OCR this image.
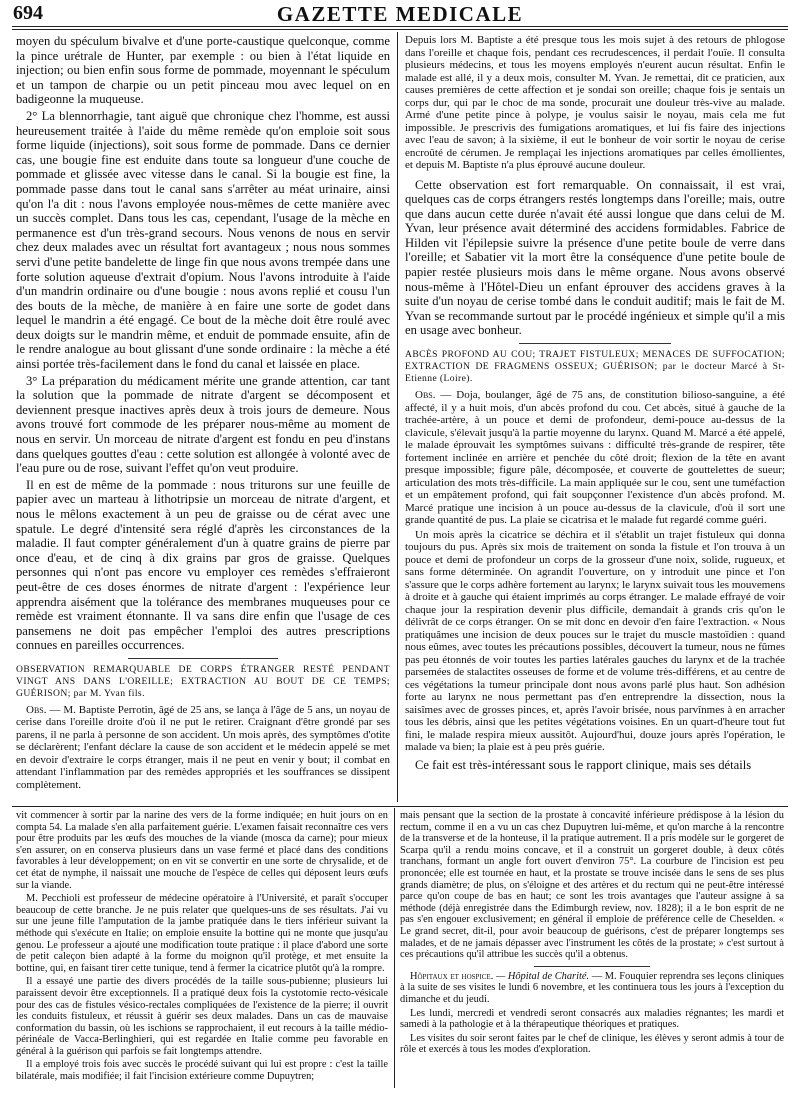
694	GAZETTE MEDICALE

moyen du spéculum bivalve et d'une porte-caustique quelconque, comme la pince urétrale de Hunter, par exemple : ou bien à l'état liquide en injection; ou bien enfin sous forme de pommade, moyennant le spéculum et un tampon de charpie ou un petit pinceau mou avec lequel on en badigeonne la muqueuse.

2° La blennorrhagie, tant aiguë que chronique chez l'homme, est aussi heureusement traitée à l'aide du même remède qu'on emploie soit sous forme liquide (injections), soit sous forme de pommade. Dans ce dernier cas, une bougie fine est enduite dans toute sa longueur d'une couche de pommade et glissée avec vitesse dans le canal. Si la bougie est fine, la pommade passe dans tout le canal sans s'arrêter au méat urinaire, ainsi qu'on l'a dit : nous l'avons employée nous-mêmes de cette manière avec un succès complet. Dans tous les cas, cependant, l'usage de la mèche en permanence est d'un très-grand secours. Nous venons de nous en servir chez deux malades avec un résultat fort avantageux ; nous nous sommes servi d'une petite bandelette de linge fin que nous avons trempée dans une forte solution aqueuse d'extrait d'opium. Nous l'avons introduite à l'aide d'un mandrin ordinaire ou d'une bougie : nous avons replié et cousu l'un des bouts de la mèche, de manière à en faire une sorte de godet dans lequel le mandrin a été engagé. Ce bout de la mèche doit être roulé avec deux doigts sur le mandrin même, et enduit de pommade ensuite, afin de le rendre analogue au bout glissant d'une sonde ordinaire : la mèche a été ainsi portée très-facilement dans le fond du canal et laissée en place.

3° La préparation du médicament mérite une grande attention, car tant la solution que la pommade de nitrate d'argent se décomposent et deviennent presque inactives après deux à trois jours de demeure. Nous avons trouvé fort commode de les préparer nous-même au moment de nous en servir. Un morceau de nitrate d'argent est fondu en peu d'instans dans quelques gouttes d'eau : cette solution est allongée à volonté avec de l'eau pure ou de rose, suivant l'effet qu'on veut produire.

Il en est de même de la pommade : nous triturons sur une feuille de papier avec un marteau à lithotripsie un morceau de nitrate d'argent, et nous le mêlons exactement à un peu de graisse ou de cérat avec une spatule. Le degré d'intensité sera réglé d'après les circonstances de la maladie. Il faut compter généralement d'un à quatre grains de pierre par once d'eau, et de cinq à dix grains par gros de graisse. Quelques personnes qui n'ont pas encore vu employer ces remèdes s'effraieront peut-être de ces doses énormes de nitrate d'argent : l'expérience leur apprendra aisément que la tolérance des membranes muqueuses pour ce remède est vraiment étonnante. Il va sans dire enfin que l'usage de ces pansemens ne doit pas empêcher l'emploi des autres prescriptions connues en pareilles occurrences.

OBSERVATION REMARQUABLE DE CORPS ÉTRANGER RESTÉ PENDANT VINGT ANS DANS L'OREILLE; EXTRACTION AU BOUT DE CE TEMPS; GUÉRISON; par M. Yvan fils.

Obs. — M. Baptiste Perrotin, âgé de 25 ans, se lança à l'âge de 5 ans, un noyau de cerise dans l'oreille droite d'où il ne put le retirer. Craignant d'être grondé par ses parens, il ne parla à personne de son accident. Un mois après, des symptômes d'otite se déclarèrent; l'enfant déclare la cause de son accident et le médecin appelé se met en devoir d'extraire le corps étranger, mais il ne peut en venir y bout; il combat en attendant l'inflammation par des remèdes appropriés et les souffrances se dissipent complètement.

Depuis lors M. Baptiste a été presque tous les mois sujet à des retours de phlogose dans l'oreille et chaque fois, pendant ces recrudescences, il perdait l'ouïe. Il consulta plusieurs médecins, et tous les moyens employés n'eurent aucun résultat. Enfin le malade est allé, il y a deux mois, consulter M. Yvan. Je remettai, dit ce praticien, aux causes premières de cette affection et je sondai son oreille; chaque fois je sentais un corps dur, qui par le choc de ma sonde, procurait une douleur très-vive au malade. Armé d'une petite pince à polype, je voulus saisir le noyau, mais cela me fut impossible. Je prescrivis des fumigations aromatiques, et lui fis faire des injections avec l'eau de savon; à la sixième, il eut le bonheur de voir sortir le noyau de cerise encroûté de cérumen. Je remplaçai les injections aromatiques par celles émollientes, et depuis M. Baptiste n'a plus éprouvé aucune douleur.

Cette observation est fort remarquable. On connaissait, il est vrai, quelques cas de corps étrangers restés longtemps dans l'oreille; mais, outre que dans aucun cette durée n'avait été aussi longue que dans celui de M. Yvan, leur présence avait déterminé des accidens formidables. Fabrice de Hilden vit l'épilepsie suivre la présence d'une petite boule de verre dans l'oreille; et Sabatier vit la mort être la conséquence d'une petite boule de papier restée plusieurs mois dans le même organe. Nous avons observé nous-même à l'Hôtel-Dieu un enfant éprouver des accidens graves à la suite d'un noyau de cerise tombé dans le conduit auditif; mais le fait de M. Yvan se recommande surtout par le procédé ingénieux et simple qu'il a mis en usage avec bonheur.

ABCÈS PROFOND AU COU; TRAJET FISTULEUX; MENACES DE SUFFOCATION; EXTRACTION DE FRAGMENS OSSEUX; GUÉRISON; par le docteur Marcé à St-Etienne (Loire).

Obs. — Doja, boulanger, âgé de 75 ans, de constitution bilioso-sanguine, a été affecté, il y a huit mois, d'un abcès profond du cou. Cet abcès, situé à gauche de la trachée-artère, à un pouce et demi de profondeur, demi-pouce au-dessus de la clavicule, s'élevait jusqu'à la partie moyenne du larynx. Quand M. Marcé a été appelé, le malade éprouvait les symptômes suivans : difficulté très-grande de respirer, tête fortement inclinée en arrière et penchée du côté droit; flexion de la tête en avant presque impossible; figure pâle, décomposée, et couverte de gouttelettes de sueur; articulation des mots très-difficile. La main appliquée sur le cou, sent une tuméfaction et un empâtement profond, qui fait soupçonner l'existence d'un abcès profond. M. Marcé pratique une incision à un pouce au-dessus de la clavicule, d'où il sort une grande quantité de pus. La plaie se cicatrisa et le malade fut regardé comme guéri.

Un mois après la cicatrice se déchira et il s'établit un trajet fistuleux qui donna toujours du pus. Après six mois de traitement on sonda la fistule et l'on trouva à un pouce et demi de profondeur un corps de la grosseur d'une noix, solide, rugueux, et sans forme déterminée. On agrandit l'ouverture, on y introduit une pince et l'on s'assure que le corps adhère fortement au larynx; le larynx suivait tous les mouvemens à droite et à gauche qui étaient imprimés au corps étranger. Le malade effrayé de voir chaque jour la respiration devenir plus difficile, demandait à grands cris qu'on le délivrât de ce corps étranger. On se mit donc en devoir d'en faire l'extraction. « Nous pratiquâmes une incision de deux pouces sur le trajet du muscle mastoïdien : quand nous eûmes, avec toutes les précautions possibles, découvert la tumeur, nous ne fûmes pas peu étonnés de voir toutes les parties latérales gauches du larynx et de la trachée parsemées de stalactites osseuses de forme et de volume très-différens, et au centre de ces végétations la tumeur principale dont nous avons parlé plus haut. Son adhésion forte au larynx ne nous permettant pas d'en entreprendre la dissection, nous la saisîmes avec de grosses pinces, et, après l'avoir brisée, nous parvînmes à en arracher tous les débris, ainsi que les petites végétations voisines. En un quart-d'heure tout fut fini, le malade respira mieux aussitôt. Aujourd'hui, douze jours après l'opération, le malade va bien; la plaie est à peu près guérie.

Ce fait est très-intéressant sous le rapport clinique, mais ses détails

vit commencer à sortir par la narine des vers de la forme indiquée; en huit jours on en compta 54. La malade s'en alla parfaitement guérie. L'examen faisait reconnaître ces vers pour être produits par les œufs des mouches de la viande (mosca da carne); pour mieux s'en assurer, on en conserva plusieurs dans un vase fermé et placé dans des conditions favorables à leur développement; on en vit se convertir en une sorte de chrysalide, et de cet état de nymphe, il naissait une mouche de l'espèce de celles qui déposent leurs œufs sur la viande.

M. Pecchioli est professeur de médecine opératoire à l'Université, et paraît s'occuper beaucoup de cette branche. Je ne puis relater que quelques-uns de ses résultats. J'ai vu sur une jeune fille l'amputation de la jambe pratiquée dans le tiers inférieur suivant la méthode qui s'exécute en Italie; on emploie ensuite la bottine qui ne monte que jusqu'au genou. Le professeur a ajouté une modification toute pratique : il place d'abord une sorte de petit caleçon bien adapté à la forme du moignon qu'il protège, et met ensuite la bottine, qui, en faisant tirer cette tunique, tend à fermer la cicatrice plutôt qu'à la rompre.

Il a essayé une partie des divers procédés de la taille sous-pubienne; plusieurs lui paraissent devoir être exceptionnels. Il a pratiqué deux fois la cystotomie recto-vésicale pour des cas de fistules vésico-rectales compliquées de l'existence de la pierre; il ouvrit les conduits fistuleux, et réussit à guérir ses deux malades. Dans un cas de mauvaise conformation du bassin, où les ischions se rapprochaient, il eut recours à la taille médio-périnéale de Vacca-Berlinghieri, qui est regardée en Italie comme peu favorable en général à la guérison qui parfois se fait longtemps attendre.

Il a employé trois fois avec succès le procédé suivant qui lui est propre : c'est la taille bilatérale, mais modifiée; il fait l'incision extérieure comme Dupuytren;

mais pensant que la section de la prostate à concavité inférieure prédispose à la lésion du rectum, comme il en a vu un cas chez Dupuytren lui-même, et qu'on marche à la rencontre de la transverse et de la honteuse, il la pratique autrement. Il a pris modèle sur le gorgeret de Scarpa qu'il a rendu moins concave, et il a construit un gorgeret double, à deux côtés tranchans, formant un angle fort ouvert d'environ 75°. La courbure de l'incision est peu prononcée; elle est tournée en haut, et la prostate se trouve incisée dans le sens de ses plus grands diamètre; de plus, on s'éloigne et des artères et du rectum qui ne peut-être intéressé parce qu'on coupe de bas en haut; ce sont les trois avantages que l'auteur assigne à sa méthode (déjà enregistrée dans the Edimburgh review, nov. 1828); il a le bon esprit de ne pas s'en engouer exclusivement; en général il emploie de préférence celle de Cheselden. « Le grand secret, dit-il, pour avoir beaucoup de guérisons, c'est de préparer longtemps ses malades, et de ne jamais dépasser avec l'instrument les côtés de la prostate; » c'est surtout à ces précautions qu'il attribue les succès qu'il a obtenus.

Hôpitaux et hospice. — Hôpital de Charité. — M. Fouquier reprendra ses leçons cliniques à la suite de ses visites le lundi 6 novembre, et les continuera tous les jours à l'exception du dimanche et du jeudi.

Les lundi, mercredi et vendredi seront consacrés aux maladies régnantes; les mardi et samedi à la pathologie et à la thérapeutique théoriques et pratiques.

Les visites du soir seront faites par le chef de clinique, les élèves y seront admis à tour de rôle et exercés à tous les modes d'exploration.
